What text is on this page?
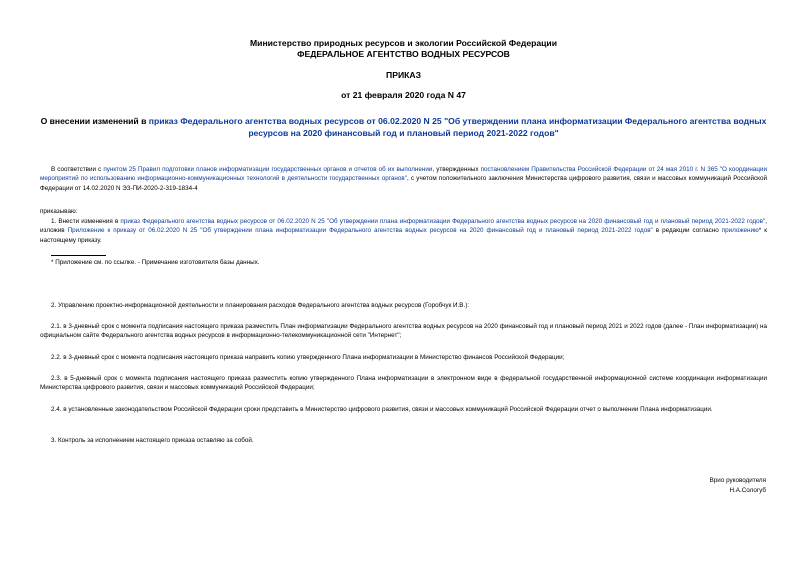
Министерство природных ресурсов и экологии Российской Федерации
ФЕДЕРАЛЬНОЕ АГЕНТСТВО ВОДНЫХ РЕСУРСОВ
ПРИКАЗ
от 21 февраля 2020 года N 47
О внесении изменений в приказ Федерального агентства водных ресурсов от 06.02.2020 N 25 "Об утверждении плана информатизации Федерального агентства водных ресурсов на 2020 финансовый год и плановый период 2021-2022 годов"
В соответствии с пунктом 25 Правил подготовки планов информатизации государственных органов и отчетов об их выполнении, утвержденных постановлением Правительства Российской Федерации от 24 мая 2010 г. N 365 "О координации мероприятий по использованию информационно-коммуникационных технологий в деятельности государственных органов", с учетом положительного заключения Министерства цифрового развития, связи и массовых коммуникаций Российской Федерации от 14.02.2020 N ЭЗ-ПИ-2020-2-319-1834-4
приказываю:
1. Внести изменения в приказ Федерального агентства водных ресурсов от 06.02.2020 N 25 "Об утверждении плана информатизации Федерального агентства водных ресурсов на 2020 финансовый год и плановый период 2021-2022 годов", изложив Приложение к приказу от 06.02.2020 N 25 "Об утверждении плана информатизации Федерального агентства водных ресурсов на 2020 финансовый год и плановый период 2021-2022 годов" в редакции согласно приложению* к настоящему приказу.
* Приложение см. по ссылке. - Примечание изготовителя базы данных.
2. Управлению проектно-информационной деятельности и планирования расходов Федерального агентства водных ресурсов (Горобчук И.В.):
2.1. в 3-дневный срок с момента подписания настоящего приказа разместить План информатизации Федерального агентства водных ресурсов на 2020 финансовый год и плановый период 2021 и 2022 годов (далее - План информатизации) на официальном сайте Федерального агентства водных ресурсов в информационно-телекоммуникационной сети "Интернет";
2.2. в 3-дневный срок с момента подписания настоящего приказа направить копию утвержденного Плана информатизации в Министерство финансов Российской Федерации;
2.3. в 5-дневный срок с момента подписания настоящего приказа разместить копию утвержденного Плана информатизации в электронном виде в федеральной государственной информационной системе координации информатизации Министерства цифрового развития, связи и массовых коммуникаций Российской Федерации;
2.4. в установленные законодательством Российской Федерации сроки представить в Министерство цифрового развития, связи и массовых коммуникаций Российской Федерации отчет о выполнении Плана информатизации.
3. Контроль за исполнением настоящего приказа оставляю за собой.
Врио руководителя
Н.А.Сологуб
